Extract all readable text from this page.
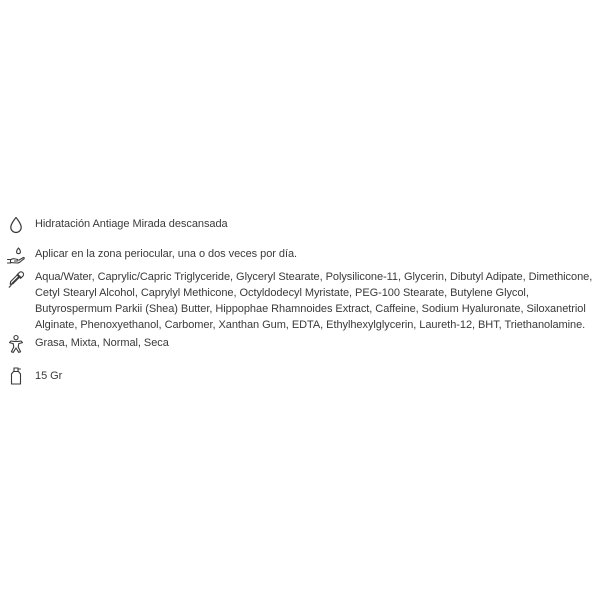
Hidratación Antiage Mirada descansada
Aplicar en la zona periocular, una o dos veces por día.
Aqua/Water, Caprylic/Capric Triglyceride, Glyceryl Stearate, Polysilicone-11, Glycerin, Dibutyl Adipate, Dimethicone, Cetyl Stearyl Alcohol, Caprylyl Methicone, Octyldodecyl Myristate, PEG-100 Stearate, Butylene Glycol, Butyrospermum Parkii (Shea) Butter, Hippophae Rhamnoides Extract, Caffeine, Sodium Hyaluronate, Siloxanetriol Alginate, Phenoxyethanol, Carbomer, Xanthan Gum, EDTA, Ethylhexylglycerin, Laureth-12, BHT, Triethanolamine.
Grasa, Mixta, Normal, Seca
15 Gr
